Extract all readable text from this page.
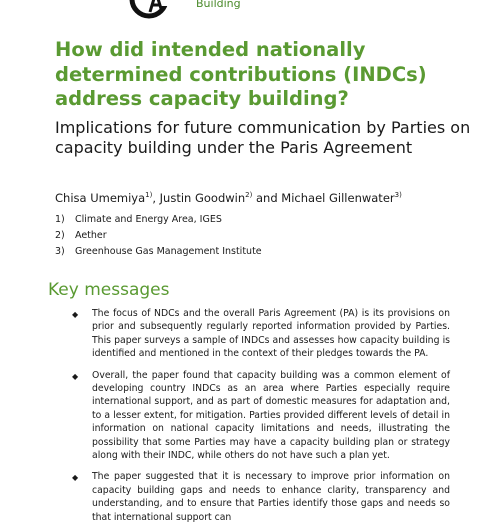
Building
How did intended nationally determined contributions (INDCs) address capacity building?

Implications for future communication by Parties on capacity building under the Paris Agreement

Chisa Umemiya$^{1)}$, Justin Goodwin$^{2)}$ and Michael Gillenwater$^{3)}$
1)	Climate and Energy Area, IGES
2)	Aether
3)	Greenhouse Gas Management Institute
Key messages
◆ The focus of NDCs and the overall Paris Agreement (PA) is its provisions on prior and subsequently regularly reported information provided by Parties. This paper surveys a sample of INDCs and assesses how capacity building is identified and mentioned in the context of their pledges towards the PA.
◆ Overall, the paper found that capacity building was a common element of developing country INDCs as an area where Parties especially require international support, and as part of domestic measures for adaptation and, to a lesser extent, for mitigation. Parties provided different levels of detail in information on national capacity limitations and needs, illustrating the possibility that some Parties may have a capacity building plan or strategy along with their INDC, while others do not have such a plan yet.
◆ The paper suggested that it is necessary to improve prior information on capacity building gaps and needs to enhance clarity, transparency and understanding, and to ensure that Parties identify those gaps and needs so that international support can
